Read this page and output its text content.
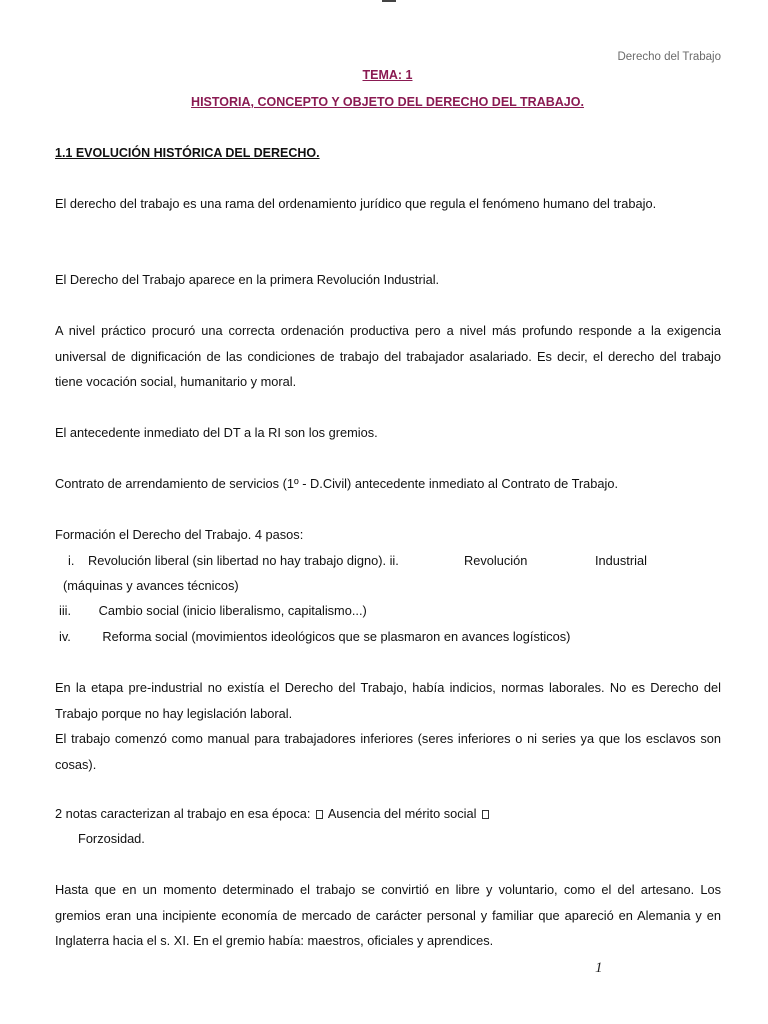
Derecho del Trabajo
TEMA: 1
HISTORIA, CONCEPTO Y OBJETO DEL DERECHO DEL TRABAJO.
1.1 EVOLUCIÓN HISTÓRICA DEL DERECHO.
El derecho del trabajo es una rama del ordenamiento jurídico que regula el fenómeno humano del trabajo.
El Derecho del Trabajo aparece en la primera Revolución Industrial.
A nivel práctico procuró una correcta ordenación productiva pero a nivel más profundo responde a la exigencia universal de dignificación de las condiciones de trabajo del trabajador asalariado. Es decir, el derecho del trabajo tiene vocación social, humanitario y moral.
El antecedente inmediato del DT a la RI son los gremios.
Contrato de arrendamiento de servicios (1º - D.Civil) antecedente inmediato al Contrato de Trabajo.
Formación el Derecho del Trabajo. 4 pasos:
i. Revolución liberal (sin libertad no hay trabajo digno). ii.	Revolución	Industrial
(máquinas y avances técnicos)
iii. Cambio social (inicio liberalismo, capitalismo...)
iv. Reforma social (movimientos ideológicos que se plasmaron en avances logísticos)
En la etapa pre-industrial no existía el Derecho del Trabajo, había indicios, normas laborales. No es Derecho del Trabajo porque no hay legislación laboral.
El trabajo comenzó como manual para trabajadores inferiores (seres inferiores o ni series ya que los esclavos son cosas).
2 notas caracterizan al trabajo en esa época: Ausencia del mérito social
Forzosidad.
Hasta que en un momento determinado el trabajo se convirtió en libre y voluntario, como el del artesano. Los gremios eran una incipiente economía de mercado de carácter personal y familiar que apareció en Alemania y en Inglaterra hacia el s. XI. En el gremio había: maestros, oficiales y aprendices.
1
